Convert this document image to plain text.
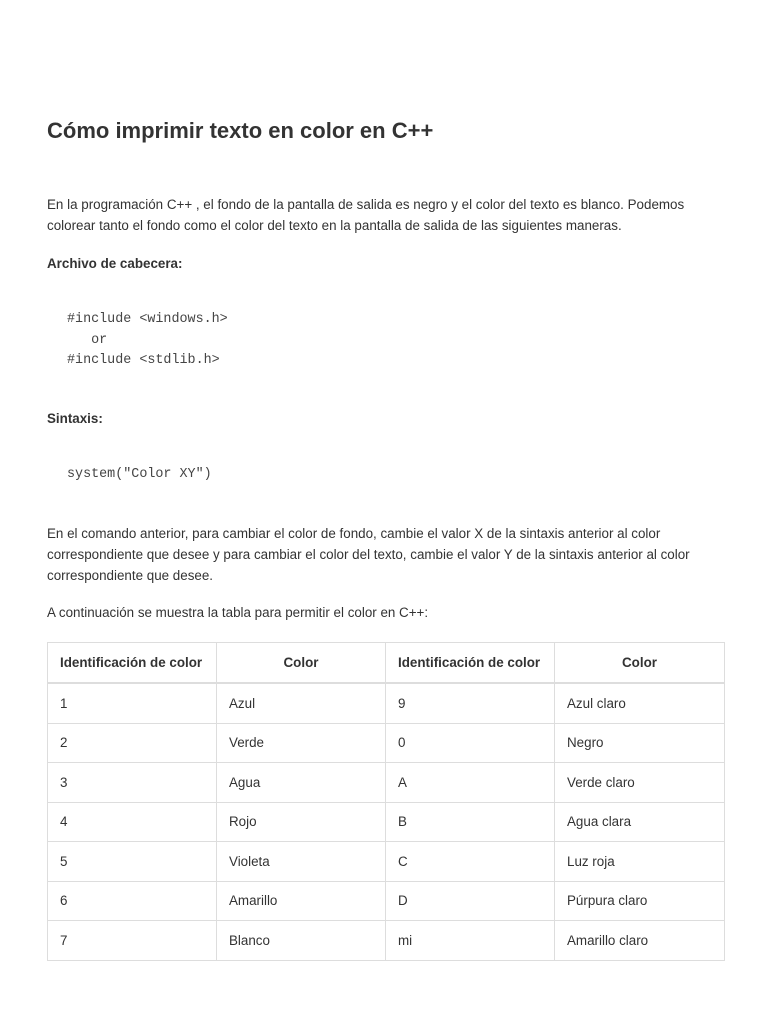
Cómo imprimir texto en color en C++

En la programación C++ , el fondo de la pantalla de salida es negro y el color del texto es blanco. Podemos colorear tanto el fondo como el color del texto en la pantalla de salida de las siguientes maneras.

Archivo de cabecera:

#include <windows.h>
or
#include <stdlib.h>

Sintaxis:

system("Color XY")

En el comando anterior, para cambiar el color de fondo, cambie el valor X de la sintaxis anterior al color correspondiente que desee y para cambiar el color del texto, cambie el valor Y de la sintaxis anterior al color correspondiente que desee.

A continuación se muestra la tabla para permitir el color en C++:

Identificación de color	Color	Identificación de color	Color
1	Azul	9	Azul claro
2	Verde	0	Negro
3	Agua	A	Verde claro
4	Rojo	B	Agua clara
5	Violeta	C	Luz roja
6	Amarillo	D	Púrpura claro
7	Blanco	mi	Amarillo claro
